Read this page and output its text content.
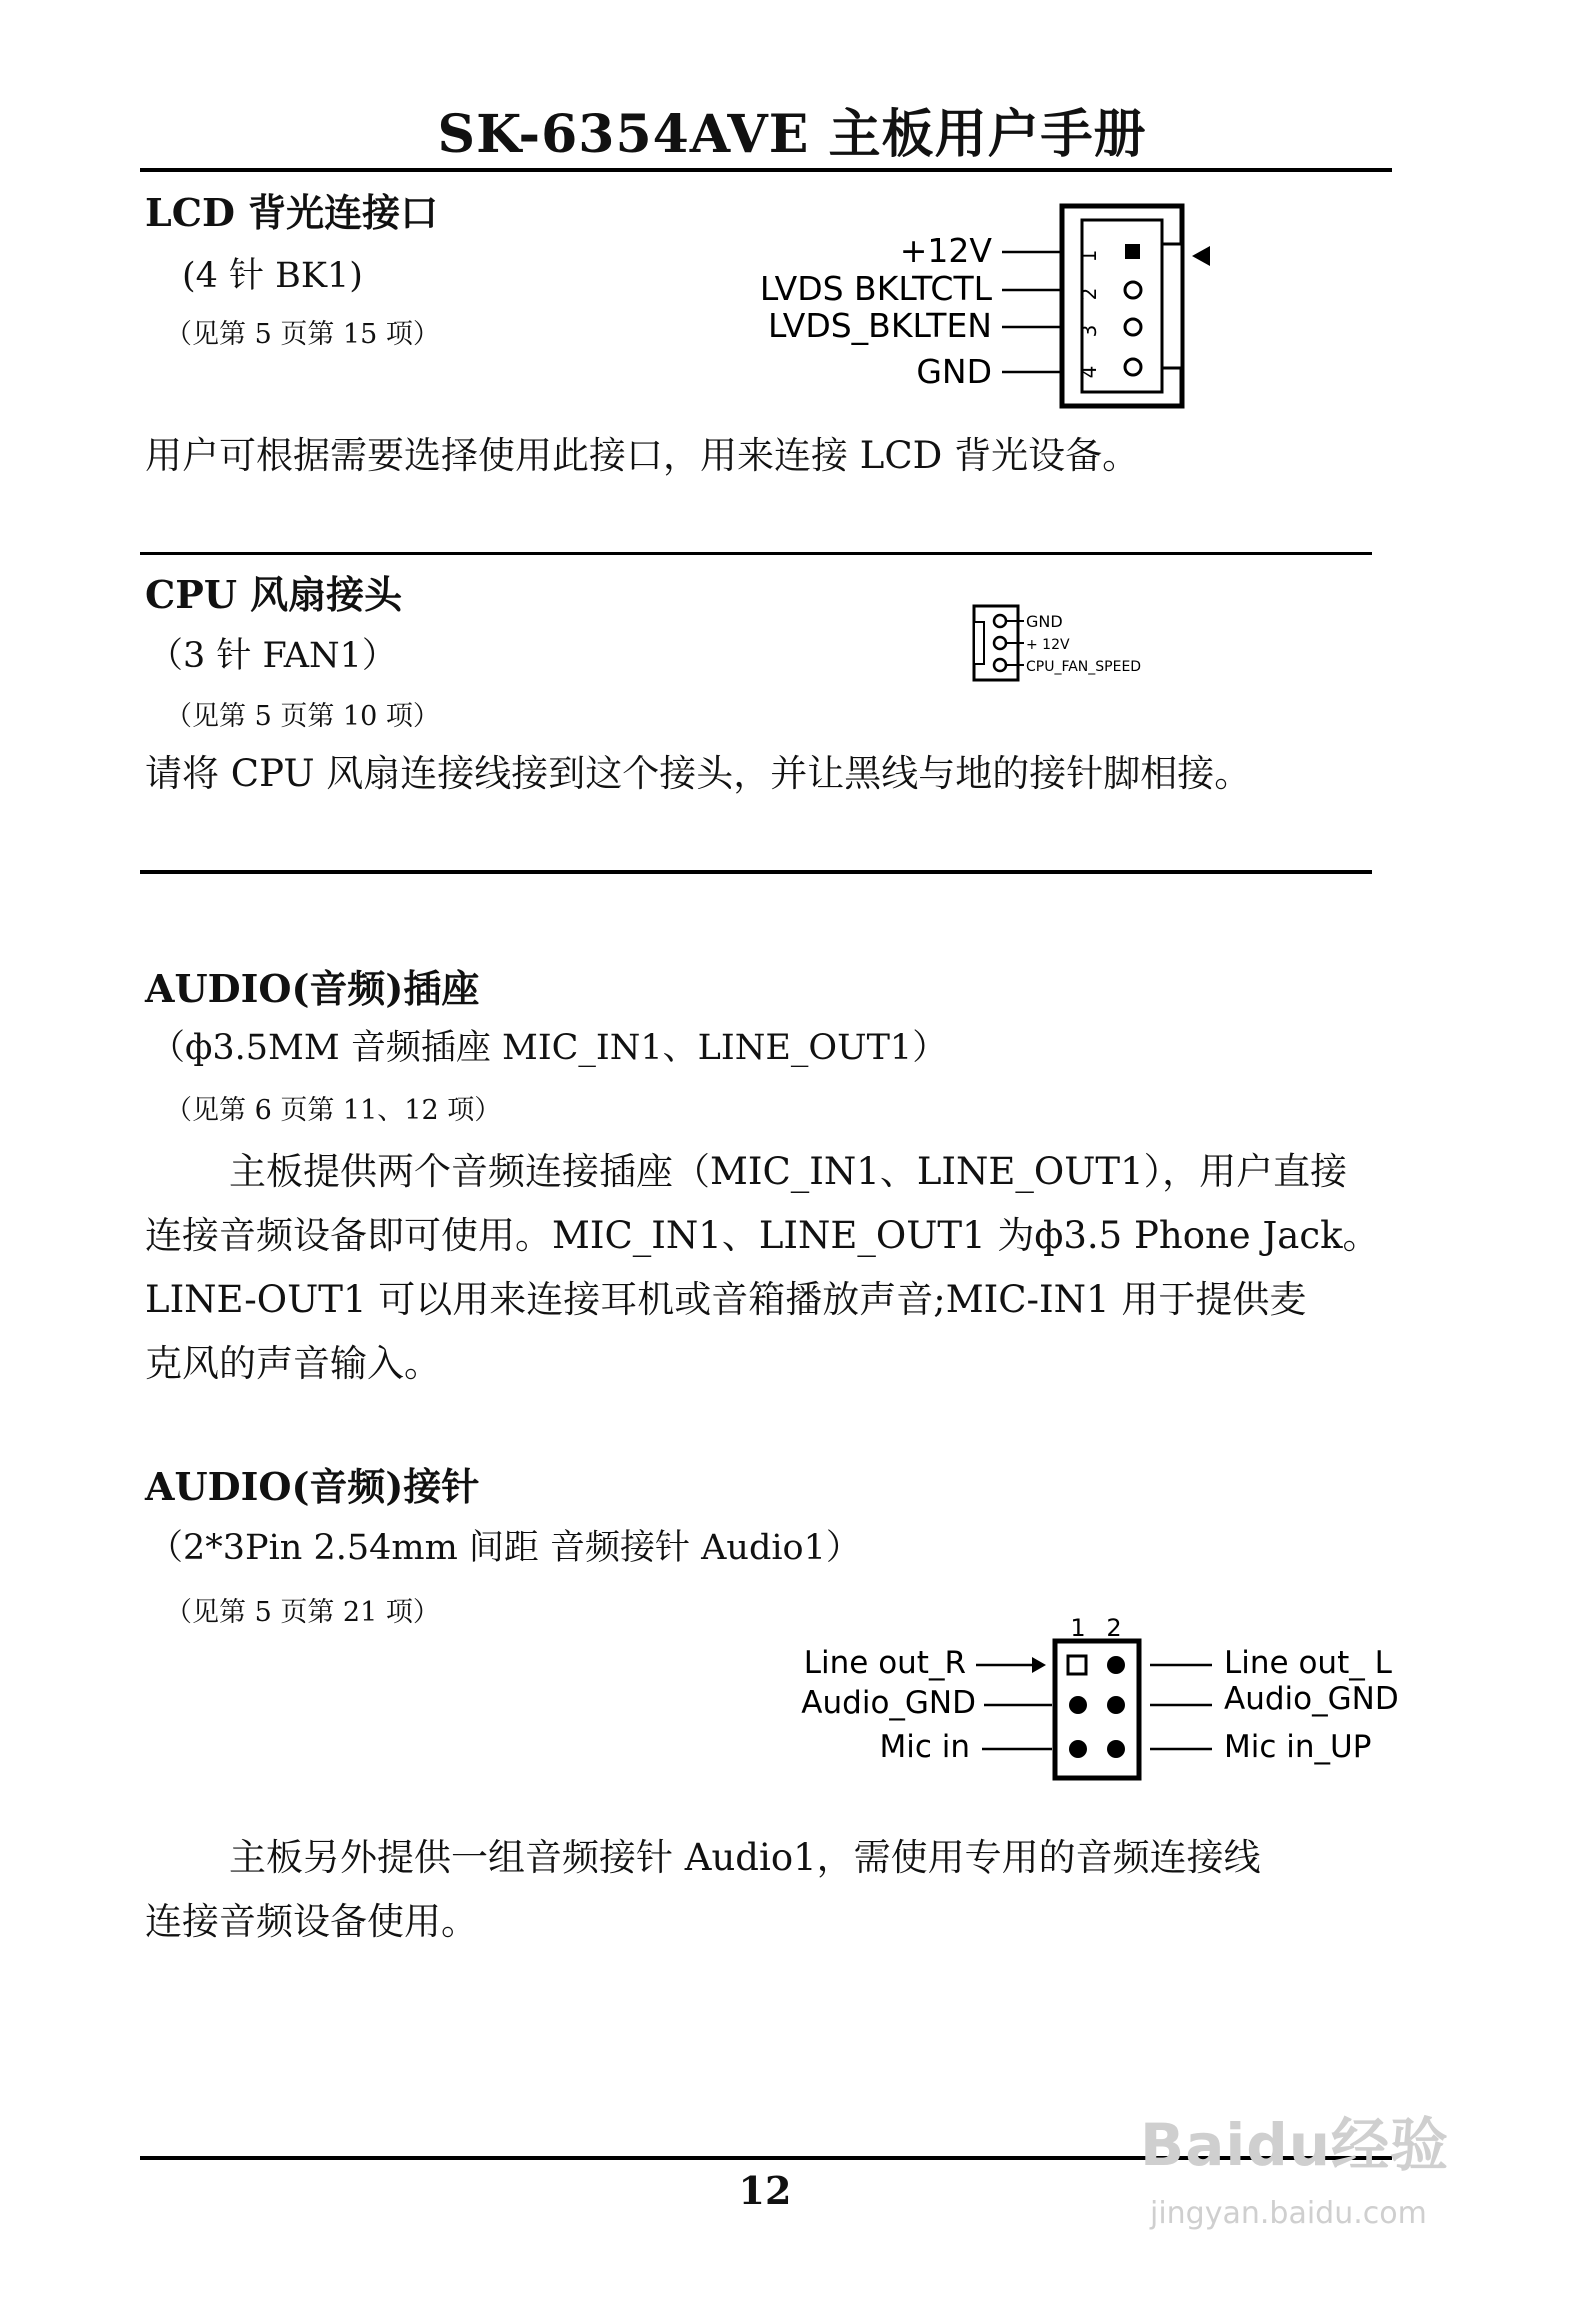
SK-6354AVE 主板用户手册
LCD 背光连接口
(4 针 BK1)
（见第 5 页第 15 项）
+12V
LVDS BKLTCTL
LVDS_BKLTEN
GND
1
2
3
4
用户可根据需要选择使用此接口，用来连接 LCD 背光设备。
CPU 风扇接头
（3 针 FAN1）
（见第 5 页第 10 项）
GND
+ 12V
CPU_FAN_SPEED
请将 CPU 风扇连接线接到这个接头，并让黑线与地的接针脚相接。
AUDIO(音频)插座
（ф3.5MM 音频插座 MIC_IN1、LINE_OUT1）
（见第 6 页第 11、12 项）
主板提供两个音频连接插座（MIC_IN1、LINE_OUT1），用户直接
连接音频设备即可使用。MIC_IN1、LINE_OUT1 为ф3.5 Phone Jack。
LINE-OUT1 可以用来连接耳机或音箱播放声音;MIC-IN1 用于提供麦
克风的声音输入。
AUDIO(音频)接针
（2*3Pin 2.54mm 间距 音频接针 Audio1）
（见第 5 页第 21 项）	1 2
Line out_R
Audio_GND
Mic in
Line out_ L
Audio_GND
Mic in_UP
主板另外提供一组音频接针 Audio1，需使用专用的音频连接线
连接音频设备使用。
12
Baidu经验
jingyan.baidu.com
